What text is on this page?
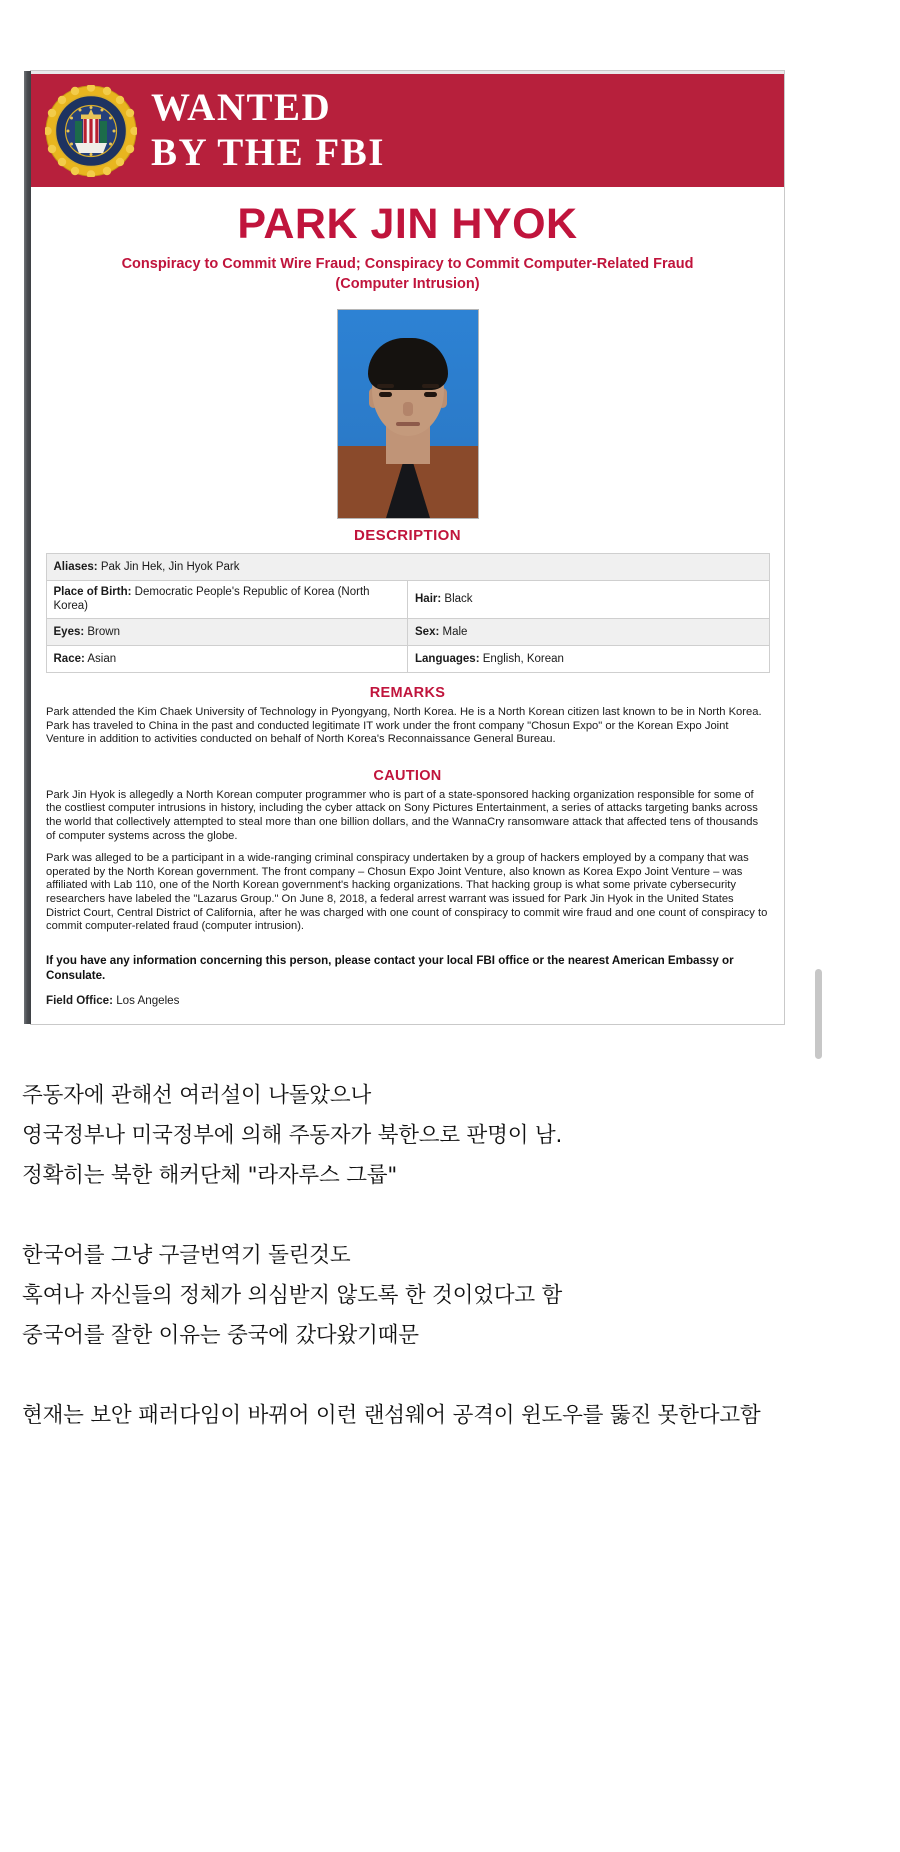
WANTED
BY THE FBI
PARK JIN HYOK
Conspiracy to Commit Wire Fraud; Conspiracy to Commit Computer-Related Fraud
(Computer Intrusion)
DESCRIPTION
Aliases: Pak Jin Hek, Jin Hyok Park	
Place of Birth: Democratic People's Republic of Korea (North Korea)	Hair: Black
Eyes: Brown	Sex: Male
Race: Asian	Languages: English, Korean
REMARKS

Park attended the Kim Chaek University of Technology in Pyongyang, North Korea. He is a North Korean citizen last known to be in North Korea. Park has traveled to China in the past and conducted legitimate IT work under the front company "Chosun Expo" or the Korean Expo Joint Venture in addition to activities conducted on behalf of North Korea's Reconnaissance General Bureau.

CAUTION

Park Jin Hyok is allegedly a North Korean computer programmer who is part of a state-sponsored hacking organization responsible for some of the costliest computer intrusions in history, including the cyber attack on Sony Pictures Entertainment, a series of attacks targeting banks across the world that collectively attempted to steal more than one billion dollars, and the WannaCry ransomware attack that affected tens of thousands of computer systems across the globe.

Park was alleged to be a participant in a wide-ranging criminal conspiracy undertaken by a group of hackers employed by a company that was operated by the North Korean government. The front company – Chosun Expo Joint Venture, also known as Korea Expo Joint Venture – was affiliated with Lab 110, one of the North Korean government's hacking organizations. That hacking group is what some private cybersecurity researchers have labeled the "Lazarus Group." On June 8, 2018, a federal arrest warrant was issued for Park Jin Hyok in the United States District Court, Central District of California, after he was charged with one count of conspiracy to commit wire fraud and one count of conspiracy to commit computer-related fraud (computer intrusion).

If you have any information concerning this person, please contact your local FBI office or the nearest American Embassy or Consulate.

Field Office: Los Angeles

주동자에 관해선 여러설이 나돌았으나

영국정부나 미국정부에 의해 주동자가 북한으로 판명이 남.

정확히는 북한 해커단체 "라자루스 그룹"

한국어를 그냥 구글번역기 돌린것도

혹여나 자신들의 정체가 의심받지 않도록 한 것이었다고 함

중국어를 잘한 이유는 중국에 갔다왔기때문

현재는 보안 패러다임이 바뀌어 이런 랜섬웨어 공격이 윈도우를 뚫진 못한다고함
